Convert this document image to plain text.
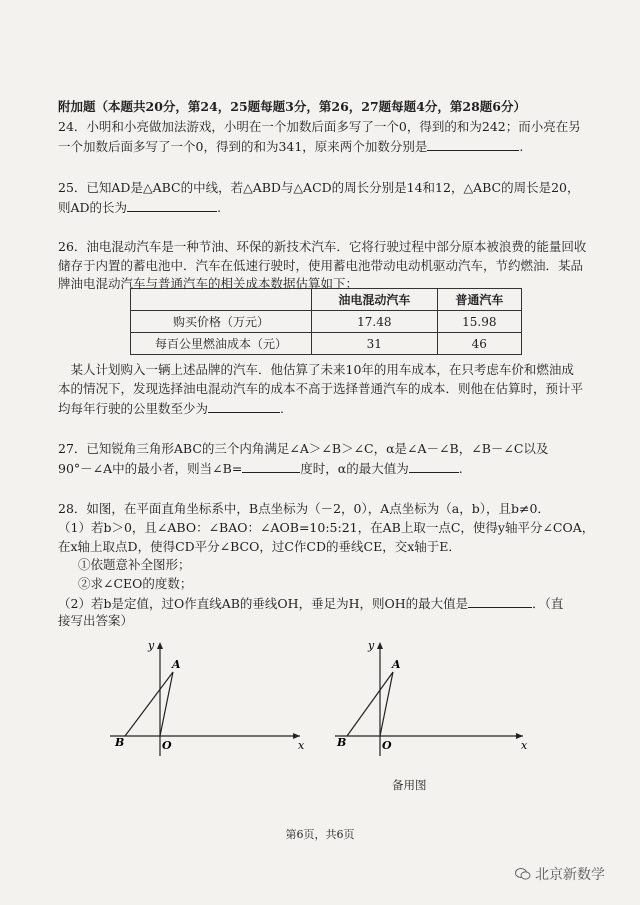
附加题（本题共20分，第24，25题每题3分，第26，27题每题4分，第28题6分）
24．小明和小亮做加法游戏，小明在一个加数后面多写了一个0，得到的和为242；而小亮在另
一个加数后面多写了一个0，得到的和为341，原来两个加数分别是	.
25．已知AD是△ABC的中线，若△ABD与△ACD的周长分别是14和12，△ABC的周长是20，
则AD的长为	.
26．油电混动汽车是一种节油、环保的新技术汽车．它将行驶过程中部分原本被浪费的能量回收
储存于内置的蓄电池中．汽车在低速行驶时，使用蓄电池带动电动机驱动汽车，节约燃油．某品
牌油电混动汽车与普通汽车的相关成本数据估算如下：
	油电混动汽车	普通汽车
购买价格（万元）	17.48	15.98
每百公里燃油成本（元）	31	46
　某人计划购入一辆上述品牌的汽车．他估算了未来10年的用车成本，在只考虑车价和燃油成
本的情况下，发现选择油电混动汽车的成本不高于选择普通汽车的成本．则他在估算时，预计平
均每年行驶的公里数至少为	.
27．已知锐角三角形ABC的三个内角满足∠A＞∠B＞∠C，α是∠A－∠B，∠B－∠C以及
90°－∠A中的最小者，则当∠B=	度时，α的最大值为	.
28．如图，在平面直角坐标系中，B点坐标为（－2，0），A点坐标为（a，b），且b≠0．
（1）若b＞0，且∠ABO：∠BAO：∠AOB=10:5:21，在AB上取一点C，使得y轴平分∠COA，
在x轴上取点D，使得CD平分∠BCO，过C作CD的垂线CE，交x轴于E．
①依题意补全图形；
②求∠CEO的度数；
（2）若b是定值，过O作直线AB的垂线OH，垂足为H，则OH的最大值是	．（直
接写出答案）
y
x
A
B	O
y
x
A
B	O
备用图
第6页，共6页
北京新数学
